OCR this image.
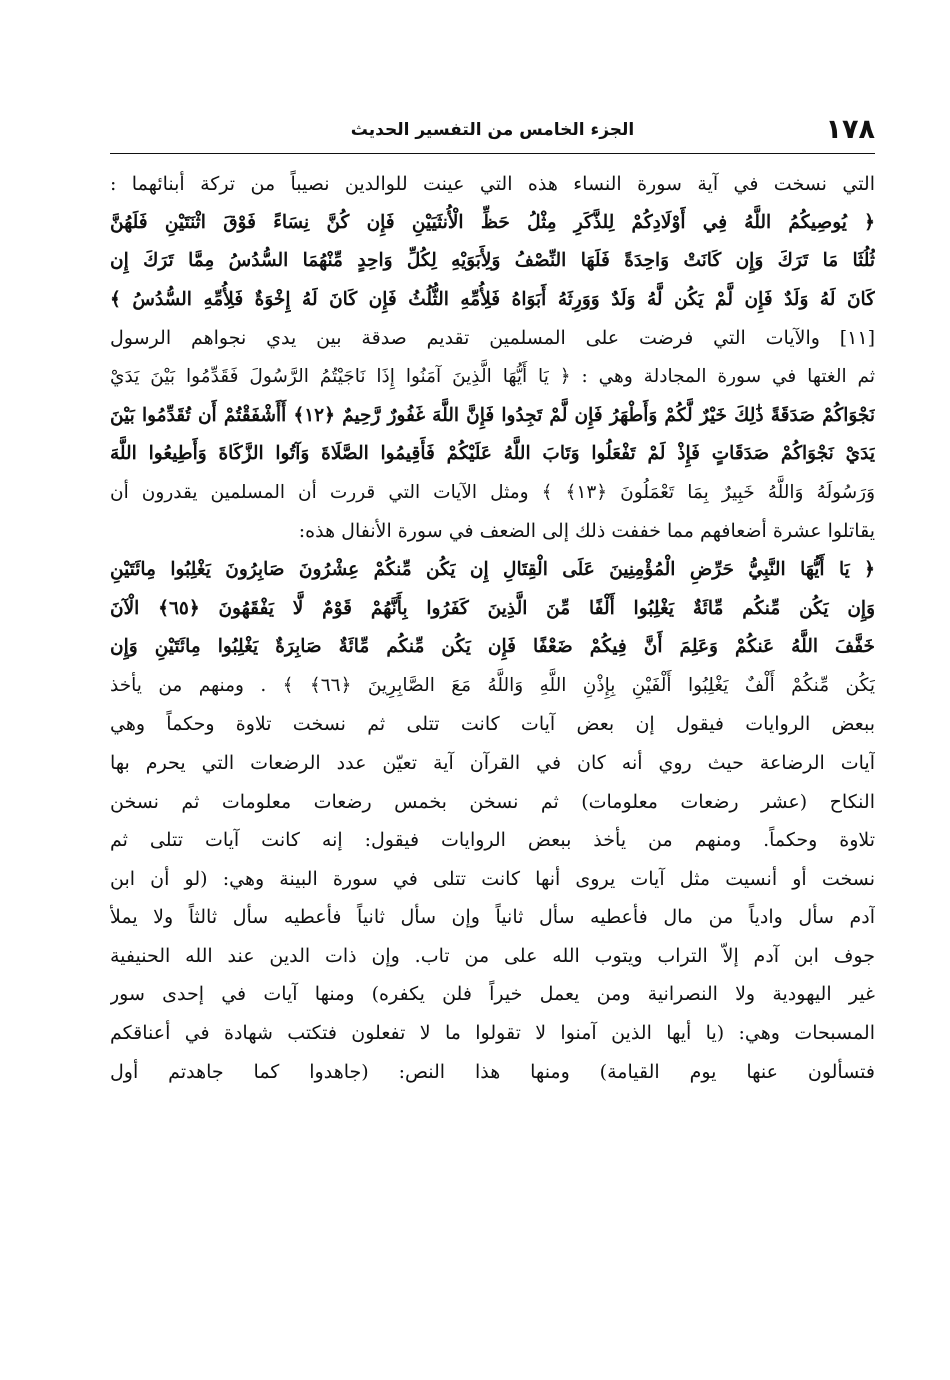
١٧٨
الجزء الخامس من التفسير الحديث
التي نسخت في آية سورة النساء هذه التي عينت للوالدين نصيباً من تركة أبنائهما :
﴿ يُوصِيكُمُ اللَّهُ فِي أَوْلَادِكُمْ لِلذَّكَرِ مِثْلُ حَظِّ الْأُنثَيَيْنِ فَإِن كُنَّ نِسَاءً فَوْقَ اثْنَتَيْنِ فَلَهُنَّ
ثُلُثَا مَا تَرَكَ وَإِن كَانَتْ وَاحِدَةً فَلَهَا النِّصْفُ وَلِأَبَوَيْهِ لِكُلِّ وَاحِدٍ مِّنْهُمَا السُّدُسُ مِمَّا تَرَكَ إِن
كَانَ لَهُ وَلَدٌ فَإِن لَّمْ يَكُن لَّهُ وَلَدٌ وَوَرِثَهُ أَبَوَاهُ فَلِأُمِّهِ الثُّلُثُ فَإِن كَانَ لَهُ إِخْوَةٌ فَلِأُمِّهِ السُّدُسُ ﴾
[١١] والآيات التي فرضت على المسلمين تقديم صدقة بين يدي نجواهم الرسول
ثم الغتها في سورة المجادلة وهي : ﴿ يَا أَيُّهَا الَّذِينَ آمَنُوا إِذَا نَاجَيْتُمُ الرَّسُولَ فَقَدِّمُوا بَيْنَ يَدَيْ
نَجْوَاكُمْ صَدَقَةً ذَٰلِكَ خَيْرٌ لَّكُمْ وَأَطْهَرُ فَإِن لَّمْ تَجِدُوا فَإِنَّ اللَّهَ غَفُورٌ رَّحِيمٌ ﴿١٢﴾ أَأَشْفَقْتُمْ أَن تُقَدِّمُوا بَيْنَ
يَدَيْ نَجْوَاكُمْ صَدَقَاتٍ فَإِذْ لَمْ تَفْعَلُوا وَتَابَ اللَّهُ عَلَيْكُمْ فَأَقِيمُوا الصَّلَاةَ وَآتُوا الزَّكَاةَ وَأَطِيعُوا اللَّهَ
وَرَسُولَهُ وَاللَّهُ خَبِيرٌ بِمَا تَعْمَلُونَ ﴿١٣﴾ ﴾ ومثل الآيات التي قررت أن المسلمين يقدرون أن
يقاتلوا عشرة أضعافهم مما خففت ذلك إلى الضعف في سورة الأنفال هذه:
﴿ يَا أَيُّهَا النَّبِيُّ حَرِّضِ الْمُؤْمِنِينَ عَلَى الْقِتَالِ إِن يَكُن مِّنكُمْ عِشْرُونَ صَابِرُونَ يَغْلِبُوا مِائَتَيْنِ
وَإِن يَكُن مِّنكُم مِّائَةٌ يَغْلِبُوا أَلْفًا مِّنَ الَّذِينَ كَفَرُوا بِأَنَّهُمْ قَوْمٌ لَّا يَفْقَهُونَ ﴿٦٥﴾ الْآنَ
خَفَّفَ اللَّهُ عَنكُمْ وَعَلِمَ أَنَّ فِيكُمْ ضَعْفًا فَإِن يَكُن مِّنكُم مِّائَةٌ صَابِرَةٌ يَغْلِبُوا مِائَتَيْنِ وَإِن
يَكُن مِّنكُمْ أَلْفٌ يَغْلِبُوا أَلْفَيْنِ بِإِذْنِ اللَّهِ وَاللَّهُ مَعَ الصَّابِرِينَ ﴿٦٦﴾ ﴾ . ومنهم من يأخذ
ببعض الروايات فيقول إن بعض آيات كانت تتلى ثم نسخت تلاوة وحكماً وهي
آيات الرضاعة حيث روي أنه كان في القرآن آية تعيّن عدد الرضعات التي يحرم بها
النكاح (عشر رضعات معلومات) ثم نسخن بخمس رضعات معلومات ثم نسخن
تلاوة وحكماً. ومنهم من يأخذ ببعض الروايات فيقول: إنه كانت آيات تتلى ثم
نسخت أو أنسيت مثل آيات يروى أنها كانت تتلى في سورة البينة وهي: (لو أن ابن
آدم سأل وادياً من مال فأعطيه سأل ثانياً وإن سأل ثانياً فأعطيه سأل ثالثاً ولا يملأ
جوف ابن آدم إلاّ التراب ويتوب الله على من تاب. وإن ذات الدين عند الله الحنيفية
غير اليهودية ولا النصرانية ومن يعمل خيراً فلن يكفره) ومنها آيات في إحدى سور
المسبحات وهي: (يا أيها الذين آمنوا لا تقولوا ما لا تفعلون فتكتب شهادة في أعناقكم
فتسألون عنها يوم القيامة) ومنها هذا النص: (جاهدوا كما جاهدتم أول
